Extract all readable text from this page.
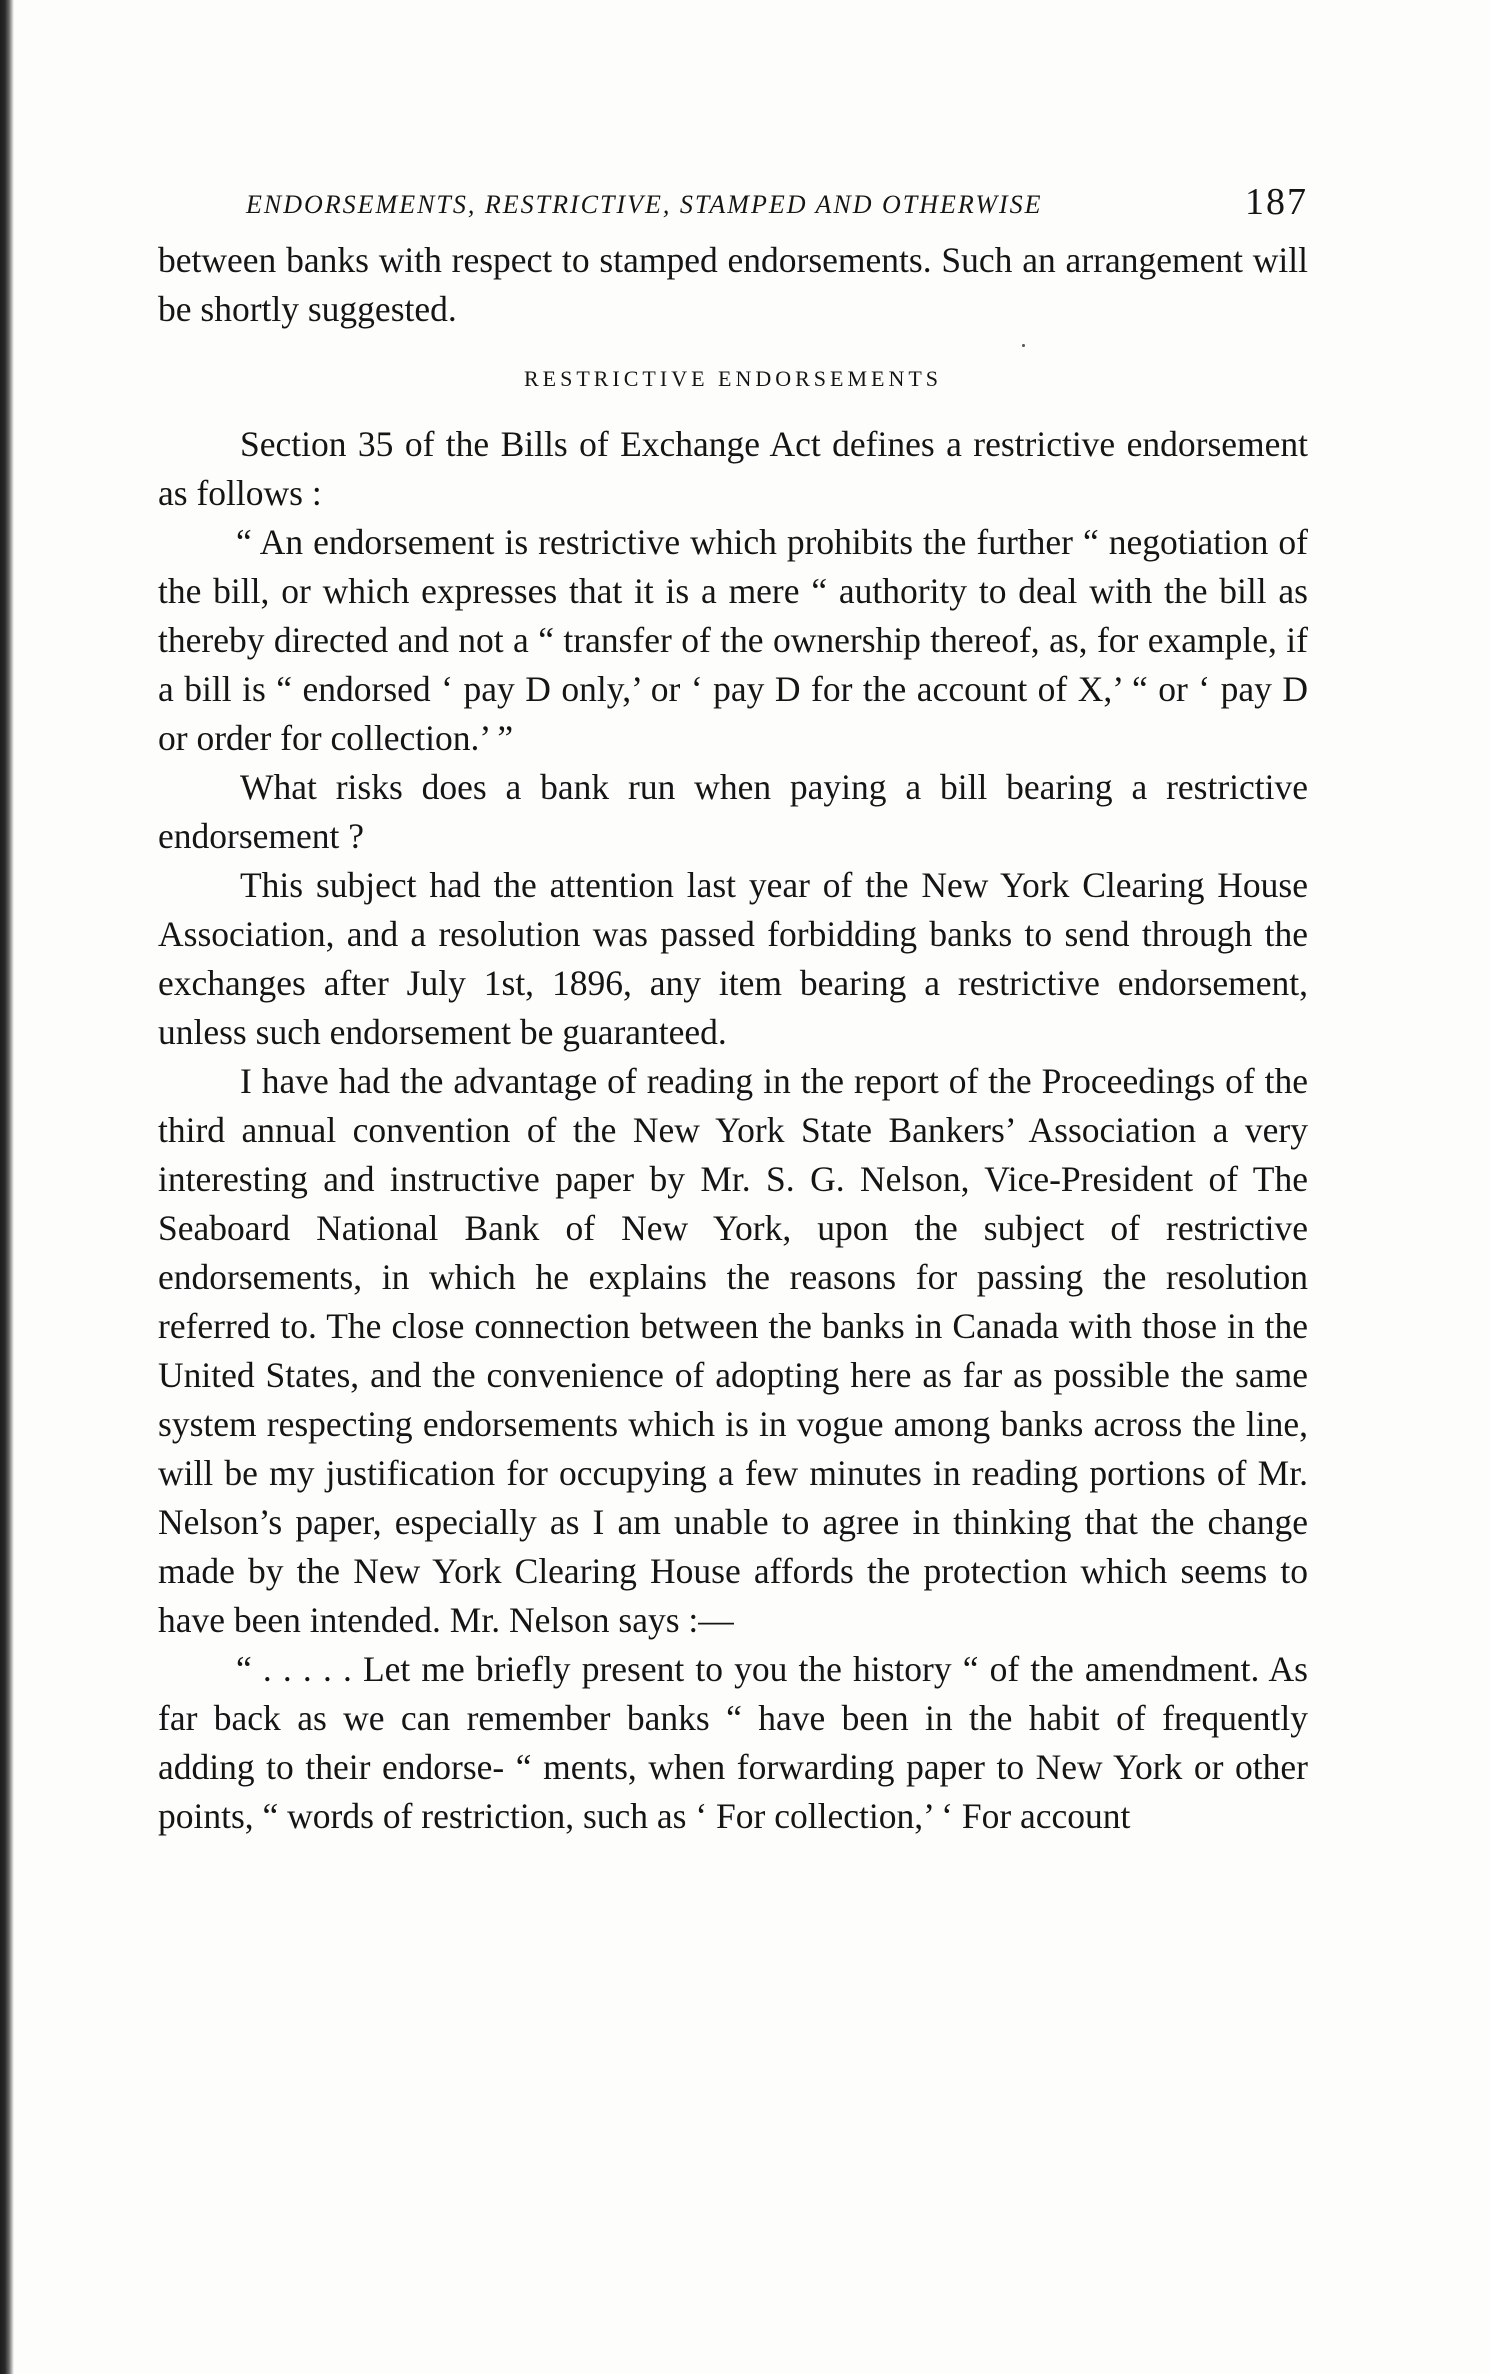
ENDORSEMENTS, RESTRICTIVE, STAMPED AND OTHERWISE	187

between banks with respect to stamped endorsements. Such an arrangement will be shortly suggested.

RESTRICTIVE ENDORSEMENTS

Section 35 of the Bills of Exchange Act defines a restrictive endorsement as follows :

“ An endorsement is restrictive which prohibits the further “ negotiation of the bill, or which expresses that it is a mere “ authority to deal with the bill as thereby directed and not a “ transfer of the ownership thereof, as, for example, if a bill is “ endorsed ‘ pay D only,’ or ‘ pay D for the account of X,’ “ or ‘ pay D or order for collection.’ ”

What risks does a bank run when paying a bill bearing a restrictive endorsement ?

This subject had the attention last year of the New York Clearing House Association, and a resolution was passed forbidding banks to send through the exchanges after July 1st, 1896, any item bearing a restrictive endorsement, unless such endorsement be guaranteed.

I have had the advantage of reading in the report of the Proceedings of the third annual convention of the New York State Bankers’ Association a very interesting and instructive paper by Mr. S. G. Nelson, Vice-President of The Seaboard National Bank of New York, upon the subject of restrictive endorsements, in which he explains the reasons for passing the resolution referred to. The close connection between the banks in Canada with those in the United States, and the convenience of adopting here as far as possible the same system respecting endorsements which is in vogue among banks across the line, will be my justification for occupying a few minutes in reading portions of Mr. Nelson’s paper, especially as I am unable to agree in thinking that the change made by the New York Clearing House affords the protection which seems to have been intended. Mr. Nelson says :—

“ . . . . . Let me briefly present to you the history “ of the amendment. As far back as we can remember banks “ have been in the habit of frequently adding to their endorse- “ ments, when forwarding paper to New York or other points, “ words of restriction, such as ‘ For collection,’ ‘ For account
